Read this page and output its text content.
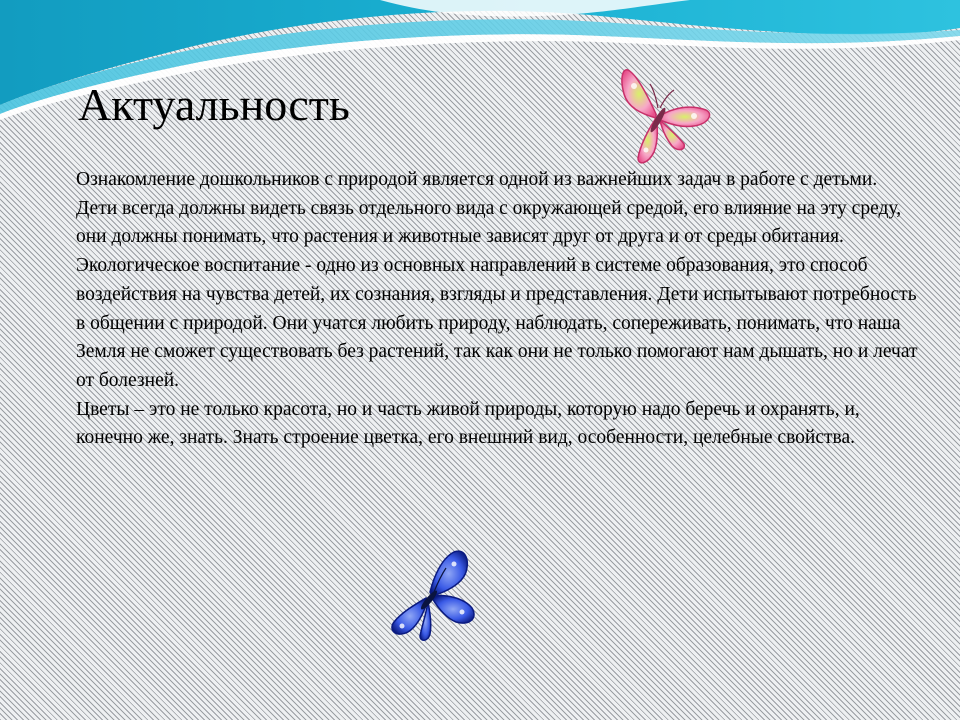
Актуальность

Ознакомление дошкольников с природой является одной из важнейших задач в работе с детьми. Дети всегда должны видеть связь отдельного вида с окружающей средой, его влияние на эту среду, они должны понимать, что растения и животные зависят друг от друга и от среды обитания.

Экологическое воспитание - одно из основных направлений в системе образования, это способ воздействия на чувства детей, их сознания, взгляды и представления. Дети испытывают потребность в общении с природой. Они учатся любить природу, наблюдать, сопереживать, понимать, что наша Земля не сможет существовать без растений, так как они не только помогают нам дышать, но и лечат от болезней.

Цветы – это не только красота, но и часть живой природы, которую надо беречь и охранять, и, конечно же, знать. Знать строение цветка, его внешний вид, особенности, целебные свойства.
